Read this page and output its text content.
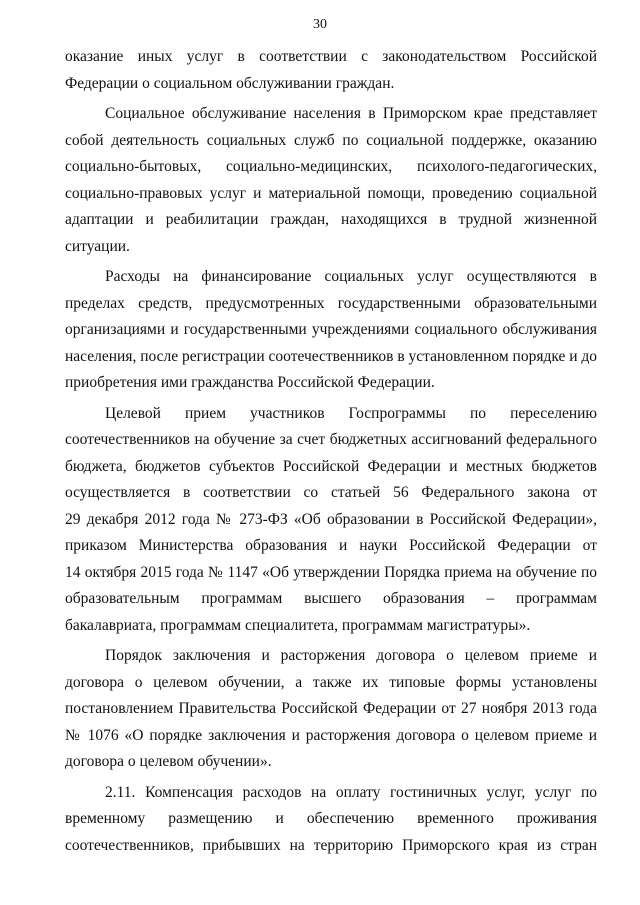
30
оказание иных услуг в соответствии с законодательством Российской
Федерации о социальном обслуживании граждан.
Социальное обслуживание населения в Приморском крае представляет
собой деятельность социальных служб по социальной поддержке, оказанию
социально-бытовых, социально-медицинских, психолого-педагогических,
социально-правовых услуг и материальной помощи, проведению социальной
адаптации и реабилитации граждан, находящихся в трудной жизненной
ситуации.
Расходы на финансирование социальных услуг осуществляются в
пределах средств, предусмотренных государственными образовательными
организациями и государственными учреждениями социального обслуживания
населения, после регистрации соотечественников в установленном порядке и до
приобретения ими гражданства Российской Федерации.
Целевой прием участников Госпрограммы по переселению
соотечественников на обучение за счет бюджетных ассигнований федерального
бюджета, бюджетов субъектов Российской Федерации и местных бюджетов
осуществляется в соответствии со статьей 56 Федерального закона от
29 декабря 2012 года № 273-ФЗ «Об образовании в Российской Федерации»,
приказом Министерства образования и науки Российской Федерации от
14 октября 2015 года № 1147 «Об утверждении Порядка приема на обучение по
образовательным программам высшего образования – программам
бакалавриата, программам специалитета, программам магистратуры».
Порядок заключения и расторжения договора о целевом приеме и
договора о целевом обучении, а также их типовые формы установлены
постановлением Правительства Российской Федерации от 27 ноября 2013 года
№ 1076 «О порядке заключения и расторжения договора о целевом приеме и
договора о целевом обучении».
2.11. Компенсация расходов на оплату гостиничных услуг, услуг по
временному размещению и обеспечению временного проживания
соотечественников, прибывших на территорию Приморского края из стран
